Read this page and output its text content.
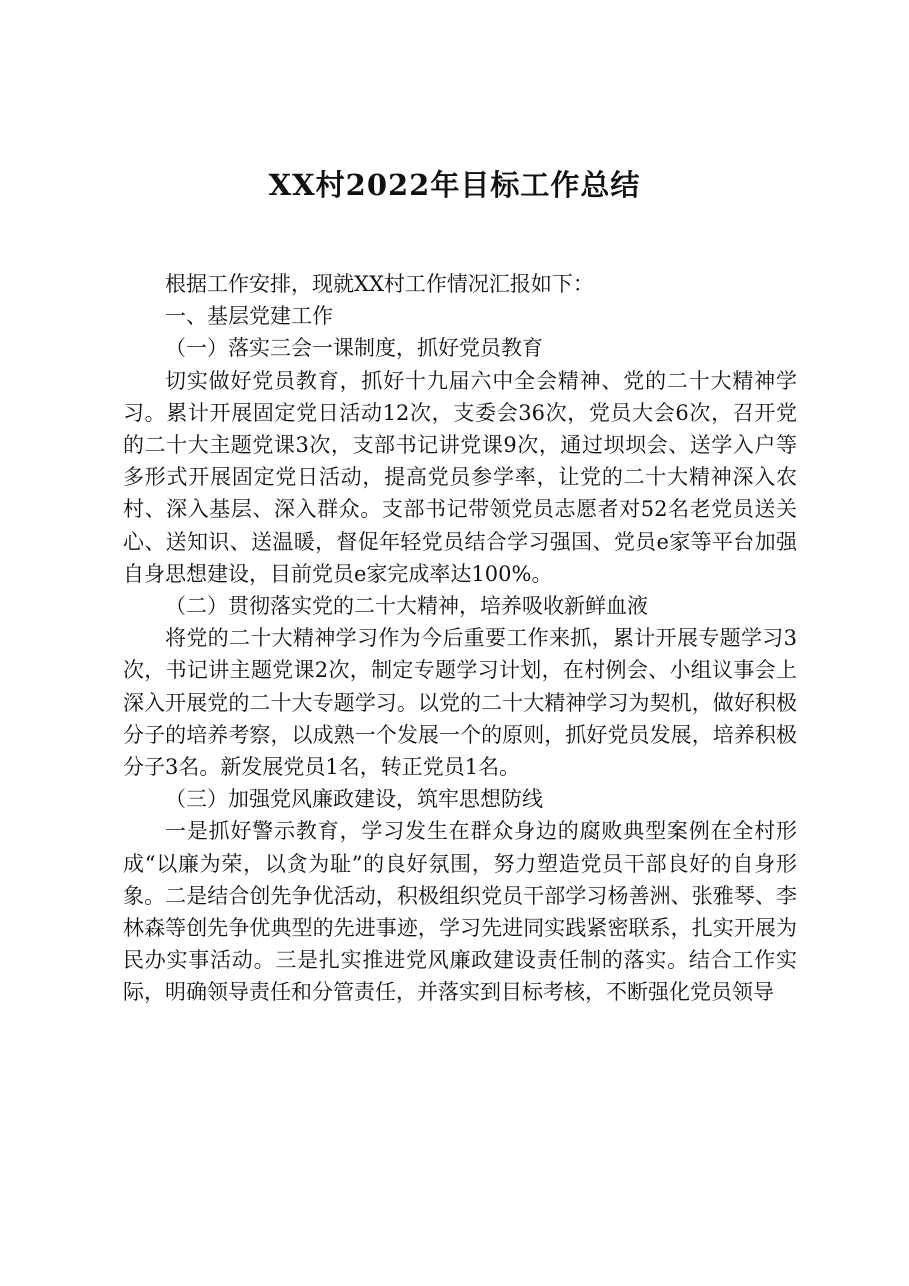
XX村2022年目标工作总结

根据工作安排，现就XX村工作情况汇报如下：

一、基层党建工作

（一）落实三会一课制度，抓好党员教育

切实做好党员教育，抓好十九届六中全会精神、党的二十大精神学习。累计开展固定党日活动12次，支委会36次，党员大会6次，召开党的二十大主题党课3次，支部书记讲党课9次，通过坝坝会、送学入户等多形式开展固定党日活动，提高党员参学率，让党的二十大精神深入农村、深入基层、深入群众。支部书记带领党员志愿者对52名老党员送关心、送知识、送温暖，督促年轻党员结合学习强国、党员e家等平台加强自身思想建设，目前党员e家完成率达100%。

（二）贯彻落实党的二十大精神，培养吸收新鲜血液

将党的二十大精神学习作为今后重要工作来抓，累计开展专题学习3次，书记讲主题党课2次，制定专题学习计划，在村例会、小组议事会上深入开展党的二十大专题学习。以党的二十大精神学习为契机，做好积极分子的培养考察，以成熟一个发展一个的原则，抓好党员发展，培养积极分子3名。新发展党员1名，转正党员1名。

（三）加强党风廉政建设，筑牢思想防线

一是抓好警示教育，学习发生在群众身边的腐败典型案例在全村形成“以廉为荣，以贪为耻”的良好氛围，努力塑造党员干部良好的自身形象。二是结合创先争优活动，积极组织党员干部学习杨善洲、张雅琴、李林森等创先争优典型的先进事迹，学习先进同实践紧密联系，扎实开展为民办实事活动。三是扎实推进党风廉政建设责任制的落实。结合工作实际，明确领导责任和分管责任，并落实到目标考核，不断强化党员领导
